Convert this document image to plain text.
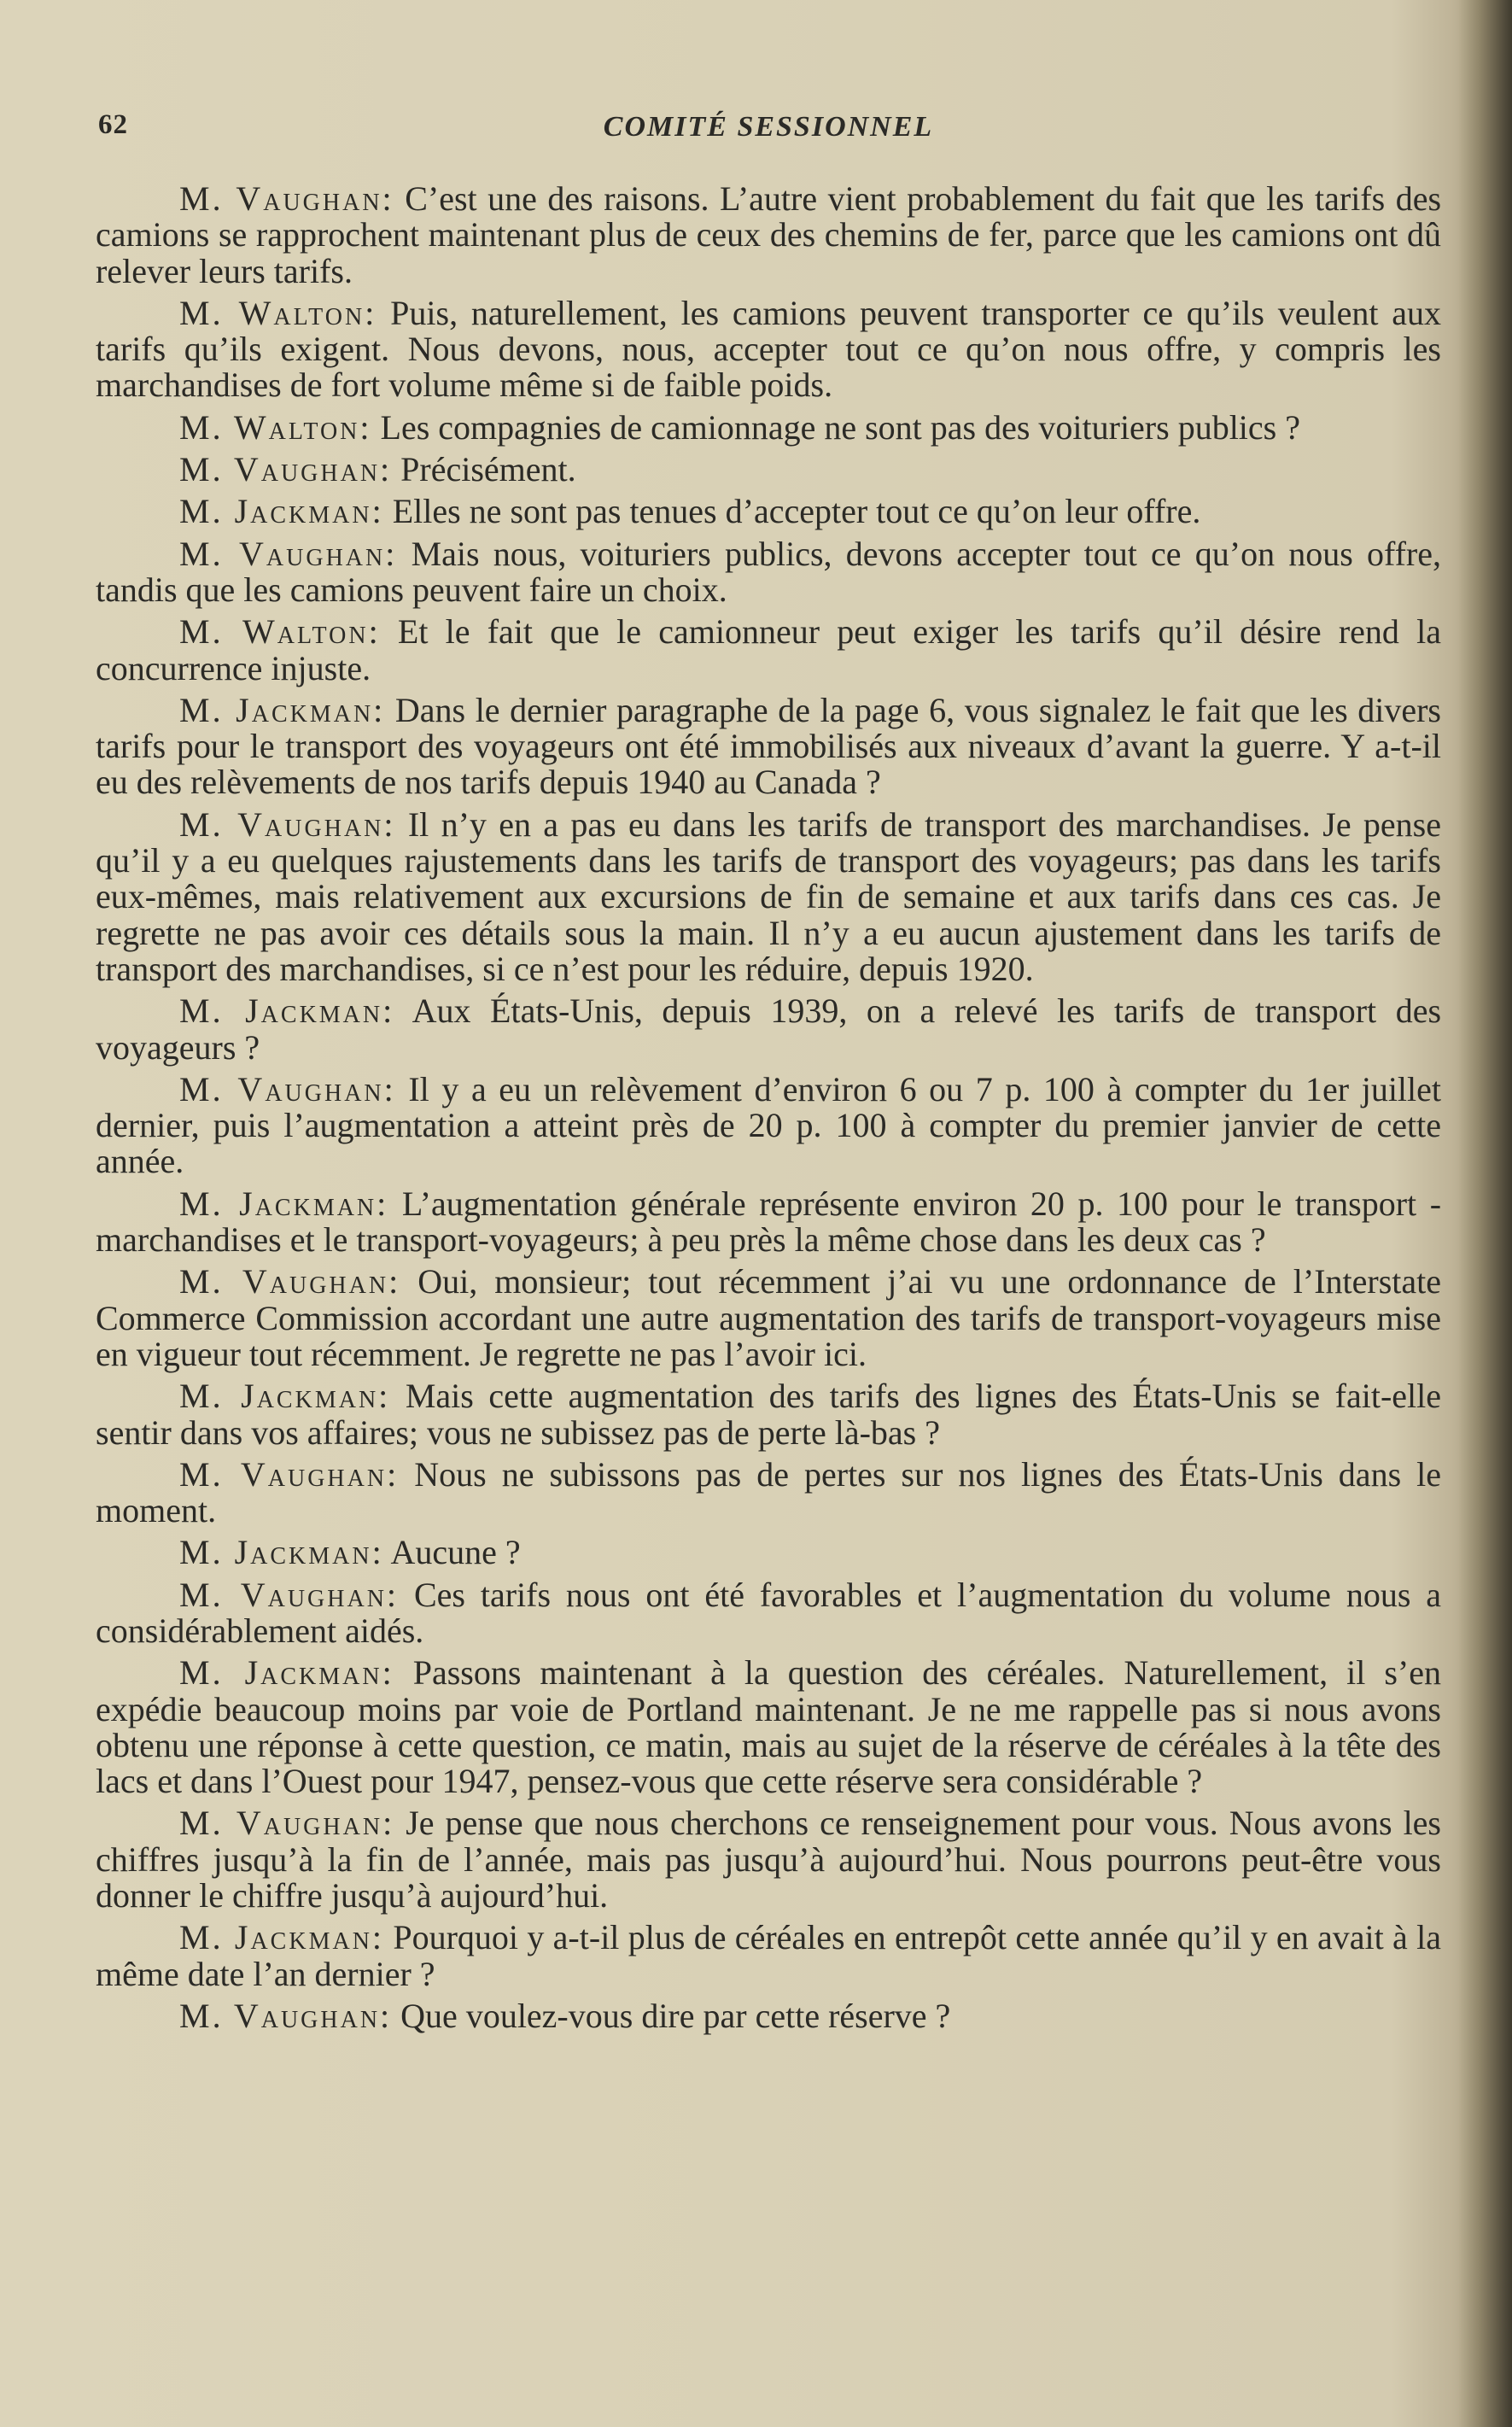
62	COMITÉ SESSIONNEL

M. Vaughan: C’est une des raisons. L’autre vient probablement du fait que les tarifs des camions se rapprochent maintenant plus de ceux des chemins de fer, parce que les camions ont dû relever leurs tarifs.

M. Walton: Puis, naturellement, les camions peuvent transporter ce qu’ils veulent aux tarifs qu’ils exigent. Nous devons, nous, accepter tout ce qu’on nous offre, y compris les marchandises de fort volume même si de faible poids.

M. Walton: Les compagnies de camionnage ne sont pas des voituriers publics ?

M. Vaughan: Précisément.

M. Jackman: Elles ne sont pas tenues d’accepter tout ce qu’on leur offre.

M. Vaughan: Mais nous, voituriers publics, devons accepter tout ce qu’on nous offre, tandis que les camions peuvent faire un choix.

M. Walton: Et le fait que le camionneur peut exiger les tarifs qu’il désire rend la concurrence injuste.

M. Jackman: Dans le dernier paragraphe de la page 6, vous signalez le fait que les divers tarifs pour le transport des voyageurs ont été immobilisés aux niveaux d’avant la guerre. Y a-t-il eu des relèvements de nos tarifs depuis 1940 au Canada ?

M. Vaughan: Il n’y en a pas eu dans les tarifs de transport des marchandises. Je pense qu’il y a eu quelques rajustements dans les tarifs de transport des voyageurs; pas dans les tarifs eux-mêmes, mais relativement aux excursions de fin de semaine et aux tarifs dans ces cas. Je regrette ne pas avoir ces détails sous la main. Il n’y a eu aucun ajustement dans les tarifs de transport des marchandises, si ce n’est pour les réduire, depuis 1920.

M. Jackman: Aux États-Unis, depuis 1939, on a relevé les tarifs de transport des voyageurs ?

M. Vaughan: Il y a eu un relèvement d’environ 6 ou 7 p. 100 à compter du 1er juillet dernier, puis l’augmentation a atteint près de 20 p. 100 à compter du premier janvier de cette année.

M. Jackman: L’augmentation générale représente environ 20 p. 100 pour le transport -marchandises et le transport-voyageurs; à peu près la même chose dans les deux cas ?

M. Vaughan: Oui, monsieur; tout récemment j’ai vu une ordonnance de l’Interstate Commerce Commission accordant une autre augmentation des tarifs de transport-voyageurs mise en vigueur tout récemment. Je regrette ne pas l’avoir ici.

M. Jackman: Mais cette augmentation des tarifs des lignes des États-Unis se fait-elle sentir dans vos affaires; vous ne subissez pas de perte là-bas ?

M. Vaughan: Nous ne subissons pas de pertes sur nos lignes des États-Unis dans le moment.

M. Jackman: Aucune ?

M. Vaughan: Ces tarifs nous ont été favorables et l’augmentation du volume nous a considérablement aidés.

M. Jackman: Passons maintenant à la question des céréales. Naturellement, il s’en expédie beaucoup moins par voie de Portland maintenant. Je ne me rappelle pas si nous avons obtenu une réponse à cette question, ce matin, mais au sujet de la réserve de céréales à la tête des lacs et dans l’Ouest pour 1947, pensez-vous que cette réserve sera considérable ?

M. Vaughan: Je pense que nous cherchons ce renseignement pour vous. Nous avons les chiffres jusqu’à la fin de l’année, mais pas jusqu’à aujourd’hui. Nous pourrons peut-être vous donner le chiffre jusqu’à aujourd’hui.

M. Jackman: Pourquoi y a-t-il plus de céréales en entrepôt cette année qu’il y en avait à la même date l’an dernier ?

M. Vaughan: Que voulez-vous dire par cette réserve ?
